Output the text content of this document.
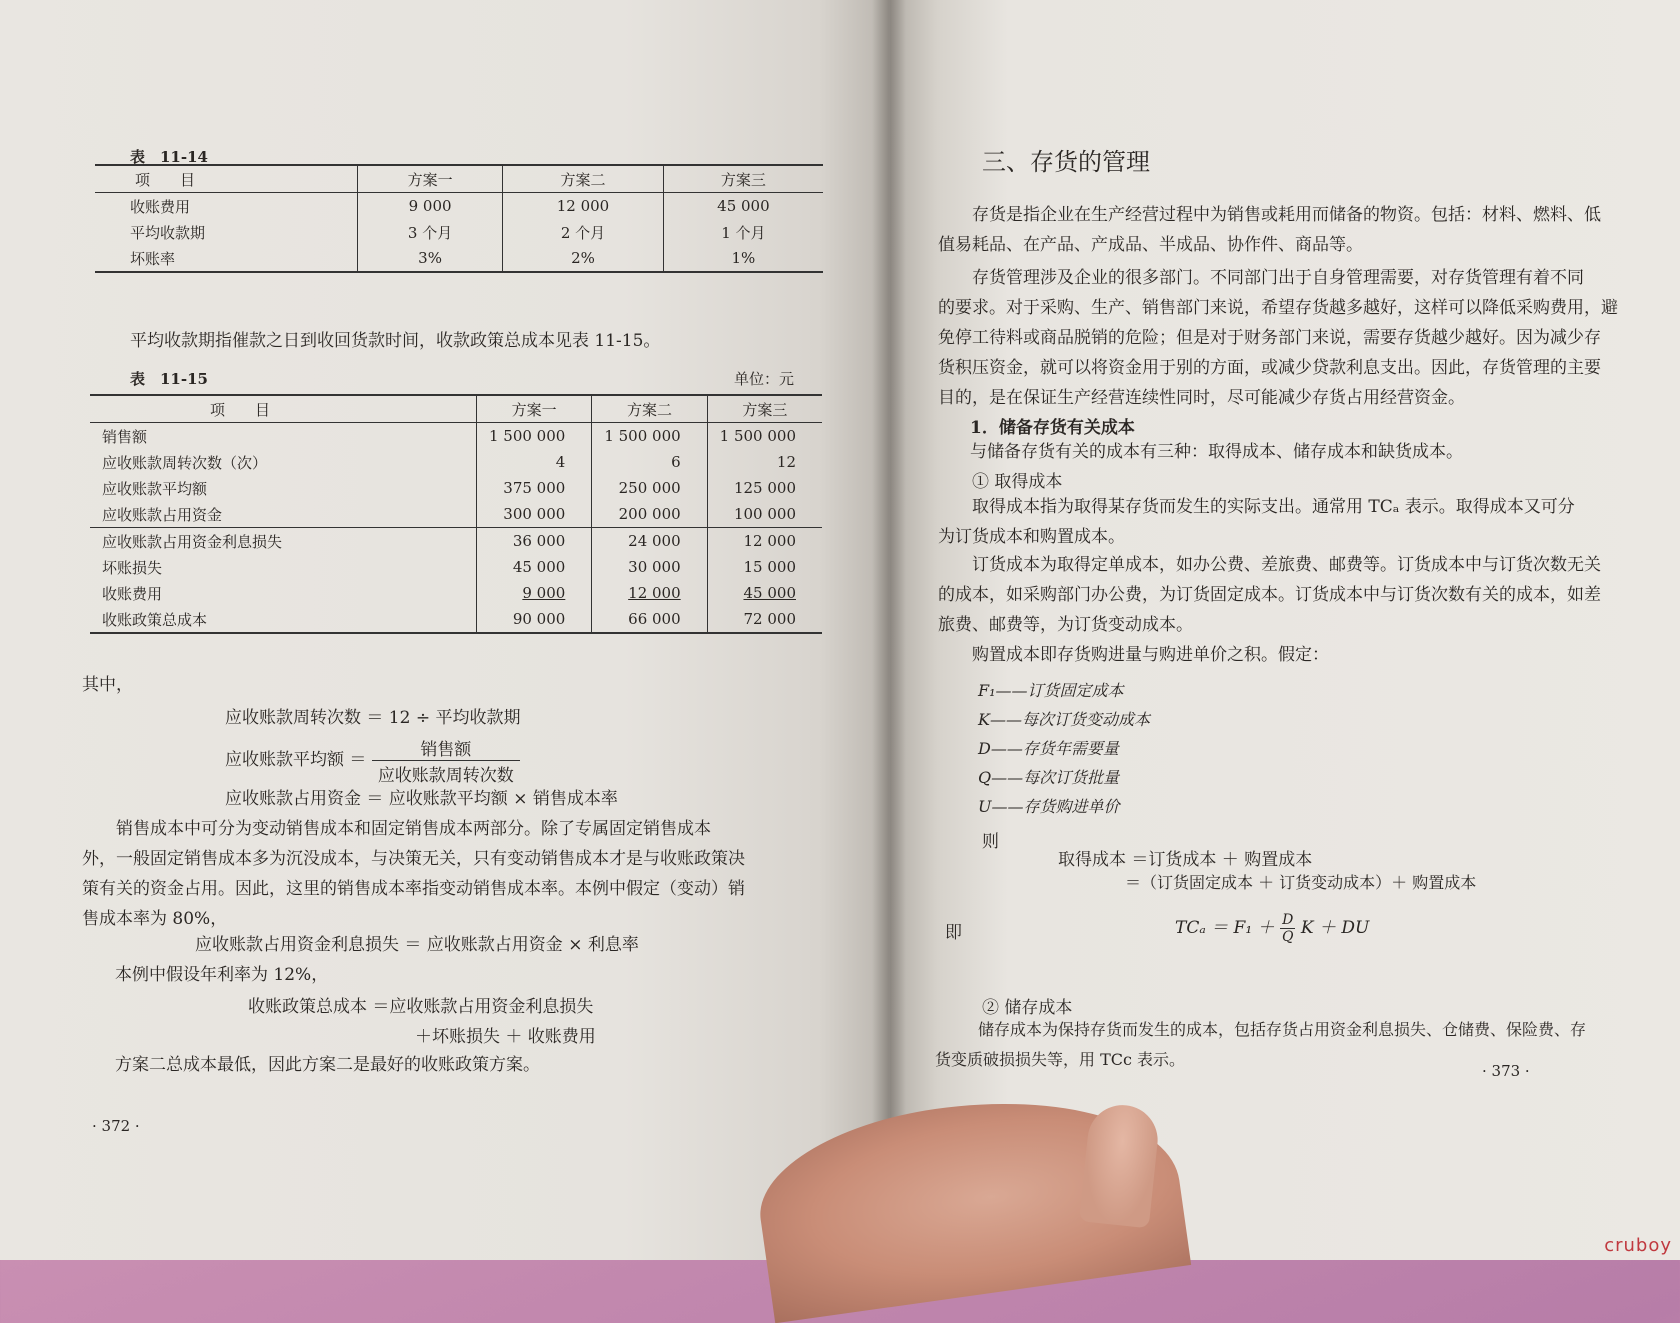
表　11-14
项　　目	方案一	方案二	方案三
收账费用	9 000	12 000	45 000
平均收款期	3 个月	2 个月	1 个月
坏账率	3%	2%	1%
平均收款期指催款之日到收回货款时间，收款政策总成本见表 11-15。
表　11-15	单位：元
项　　目	方案一	方案二	方案三
销售额	1 500 000	1 500 000	1 500 000
应收账款周转次数（次）	4	6	12
应收账款平均额	375 000	250 000	125 000
应收账款占用资金	300 000	200 000	100 000
应收账款占用资金利息损失	36 000	24 000	12 000
坏账损失	45 000	30 000	15 000
收账费用	9 000	12 000	45 000
收账政策总成本	90 000	66 000	72 000
其中，
应收账款周转次数 ＝ 12 ÷ 平均收款期
应收账款平均额 ＝ $\frac{\text{销售额}}{\text{应收账款周转次数}}$
应收账款占用资金 ＝ 应收账款平均额 × 销售成本率
销售成本中可分为变动销售成本和固定销售成本两部分。除了专属固定销售成本
外，一般固定销售成本多为沉没成本，与决策无关，只有变动销售成本才是与收账政策决
策有关的资金占用。因此，这里的销售成本率指变动销售成本率。本例中假定（变动）销
售成本率为 80%，
应收账款占用资金利息损失 ＝ 应收账款占用资金 × 利息率
本例中假设年利率为 12%，
收账政策总成本 ＝应收账款占用资金利息损失
＋坏账损失 ＋ 收账费用
方案二总成本最低，因此方案二是最好的收账政策方案。
· 372 ·
三、存货的管理
存货是指企业在生产经营过程中为销售或耗用而储备的物资。包括：材料、燃料、低
值易耗品、在产品、产成品、半成品、协作件、商品等。
存货管理涉及企业的很多部门。不同部门出于自身管理需要，对存货管理有着不同
的要求。对于采购、生产、销售部门来说，希望存货越多越好，这样可以降低采购费用，避
免停工待料或商品脱销的危险；但是对于财务部门来说，需要存货越少越好。因为减少存
货积压资金，就可以将资金用于别的方面，或减少贷款利息支出。因此，存货管理的主要
目的，是在保证生产经营连续性同时，尽可能减少存货占用经营资金。
1．储备存货有关成本
与储备存货有关的成本有三种：取得成本、储存成本和缺货成本。
① 取得成本
取得成本指为取得某存货而发生的实际支出。通常用 TCₐ 表示。取得成本又可分
为订货成本和购置成本。
订货成本为取得定单成本，如办公费、差旅费、邮费等。订货成本中与订货次数无关
的成本，如采购部门办公费，为订货固定成本。订货成本中与订货次数有关的成本，如差
旅费、邮费等，为订货变动成本。
购置成本即存货购进量与购进单价之积。假定：
F₁——订货固定成本
K——每次订货变动成本
D——存货年需要量
Q——每次订货批量
U——存货购进单价
则
取得成本 ＝订货成本 ＋ 购置成本
＝（订货固定成本 ＋ 订货变动成本）＋ 购置成本
即	$TC_a = F_1 + \frac{D}{Q}$ K ＋ DU
② 储存成本
储存成本为保持存货而发生的成本，包括存货占用资金利息损失、仓储费、保险费、存
货变质破损损失等，用 TCc 表示。
· 373 ·
cruboy
